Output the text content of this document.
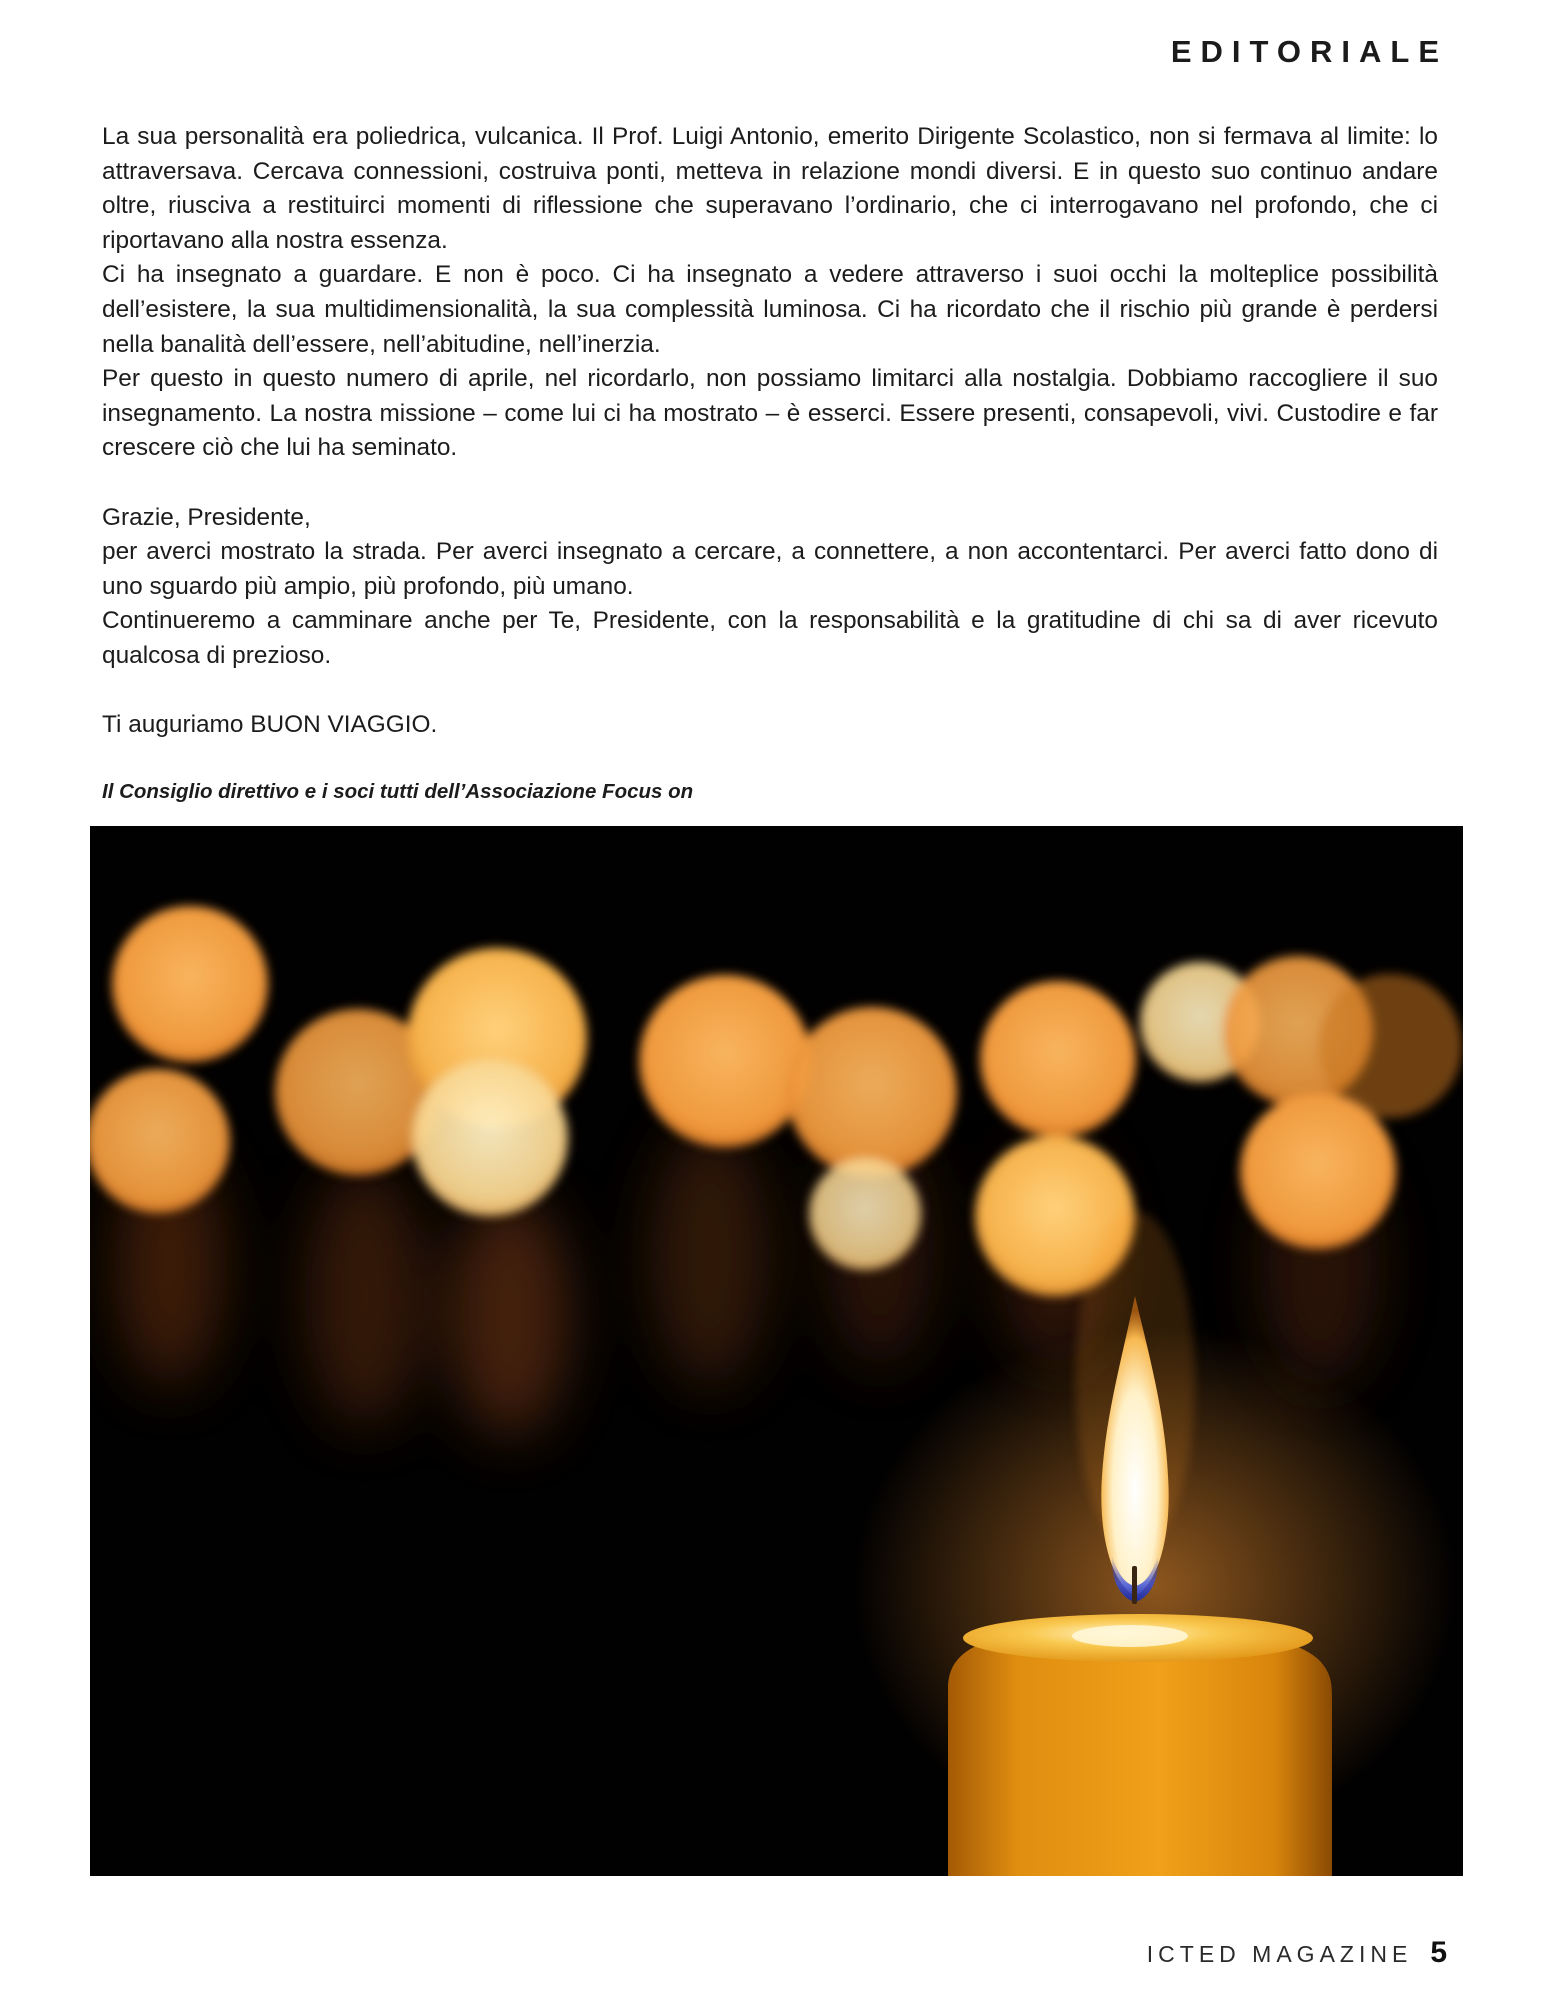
EDITORIALE

La sua personalità era poliedrica, vulcanica. Il Prof. Luigi Antonio, emerito Dirigente Scolastico, non si fermava al limite: lo attraversava. Cercava connessioni, costruiva ponti, metteva in relazione mondi diversi. E in questo suo continuo andare oltre, riusciva a restituirci momenti di riflessione che superavano l’ordinario, che ci interrogavano nel profondo, che ci riportavano alla nostra essenza.

Ci ha insegnato a guardare. E non è poco. Ci ha insegnato a vedere attraverso i suoi occhi la molteplice possibilità dell’esistere, la sua multidimensionalità, la sua complessità luminosa. Ci ha ricordato che il rischio più grande è perdersi nella banalità dell’essere, nell’abitudine, nell’inerzia.

Per questo in questo numero di aprile, nel ricordarlo, non possiamo limitarci alla nostalgia. Dobbiamo raccogliere il suo insegnamento. La nostra missione – come lui ci ha mostrato – è esserci. Essere presenti, consapevoli, vivi. Custodire e far crescere ciò che lui ha seminato.

Grazie, Presidente,

per averci mostrato la strada. Per averci insegnato a cercare, a connettere, a non accontentarci. Per averci fatto dono di uno sguardo più ampio, più profondo, più umano.

Continueremo a camminare anche per Te, Presidente, con la responsabilità e la gratitudine di chi sa di aver ricevuto qualcosa di prezioso.

Ti auguriamo BUON VIAGGIO.

Il Consiglio direttivo e i soci tutti dell’Associazione Focus on

ICTED MAGAZINE 5
